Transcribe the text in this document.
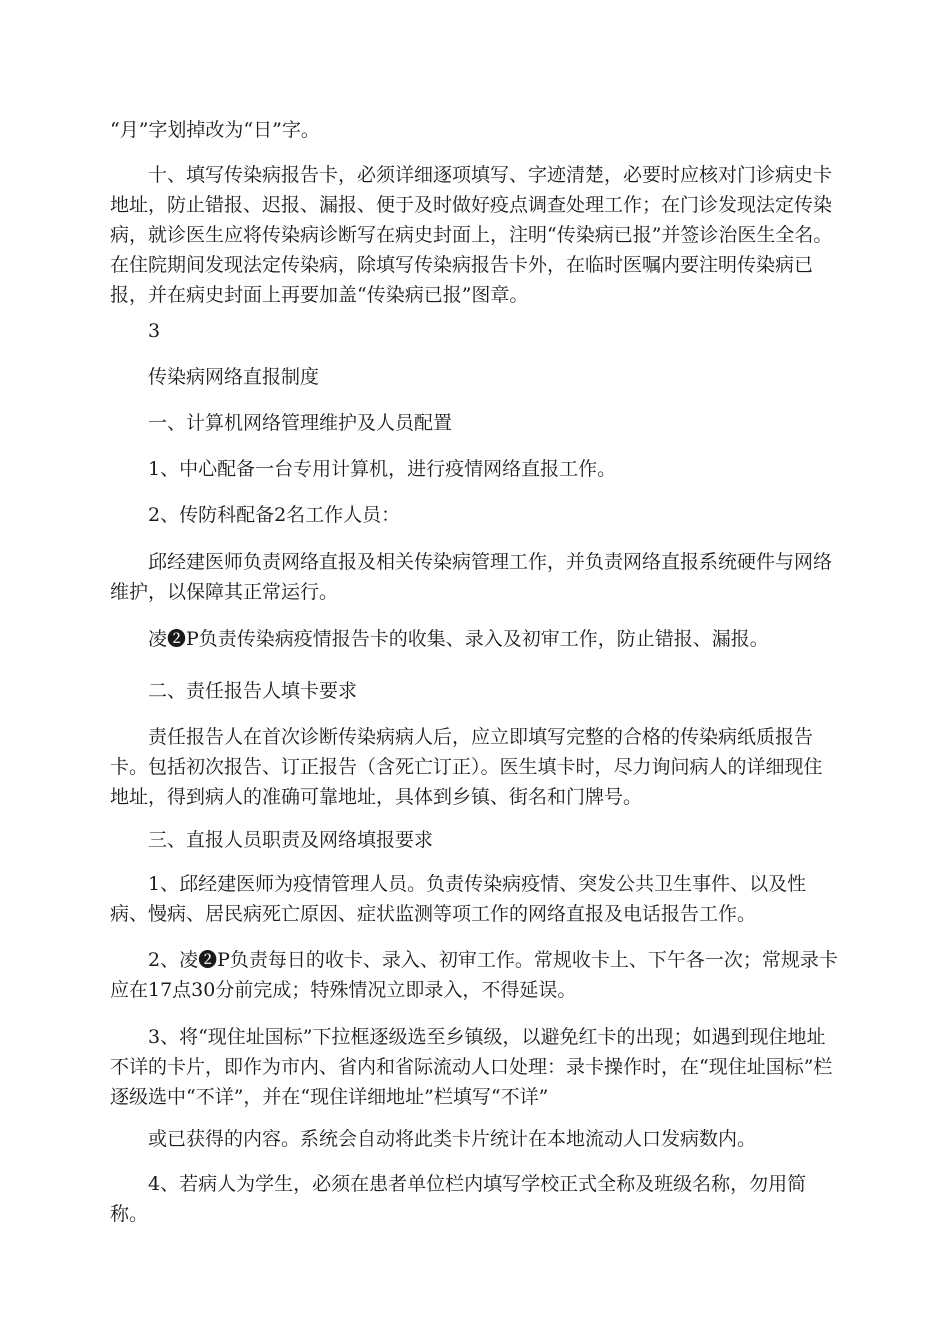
“月”字划掉改为“日”字。

十、填写传染病报告卡，必须详细逐项填写、字迹清楚，必要时应核对门诊病史卡地址，防止错报、迟报、漏报、便于及时做好疫点调查处理工作；在门诊发现法定传染病，就诊医生应将传染病诊断写在病史封面上，注明“传染病已报”并签诊治医生全名。在住院期间发现法定传染病，除填写传染病报告卡外，在临时医嘱内要注明传染病已报，并在病史封面上再要加盖“传染病已报”图章。

3

传染病网络直报制度

一、计算机网络管理维护及人员配置

1、中心配备一台专用计算机，进行疫情网络直报工作。

2、传防科配备2名工作人员：

邱经建医师负责网络直报及相关传染病管理工作，并负责网络直报系统硬件与网络维护，以保障其正常运行。

凌❷P负责传染病疫情报告卡的收集、录入及初审工作，防止错报、漏报。

二、责任报告人填卡要求

责任报告人在首次诊断传染病病人后，应立即填写完整的合格的传染病纸质报告卡。包括初次报告、订正报告（含死亡订正）。医生填卡时，尽力询问病人的详细现住地址，得到病人的准确可靠地址，具体到乡镇、街名和门牌号。

三、直报人员职责及网络填报要求

1、邱经建医师为疫情管理人员。负责传染病疫情、突发公共卫生事件、以及性病、慢病、居民病死亡原因、症状监测等项工作的网络直报及电话报告工作。

2、凌❷P负责每日的收卡、录入、初审工作。常规收卡上、下午各一次；常规录卡应在17点30分前完成；特殊情况立即录入，不得延误。

3、将“现住址国标”下拉框逐级选至乡镇级，以避免红卡的出现；如遇到现住地址不详的卡片，即作为市内、省内和省际流动人口处理：录卡操作时，在“现住址国标”栏逐级选中“不详”，并在“现住详细地址”栏填写“不详”

或已获得的内容。系统会自动将此类卡片统计在本地流动人口发病数内。

4、若病人为学生，必须在患者单位栏内填写学校正式全称及班级名称，勿用简称。
